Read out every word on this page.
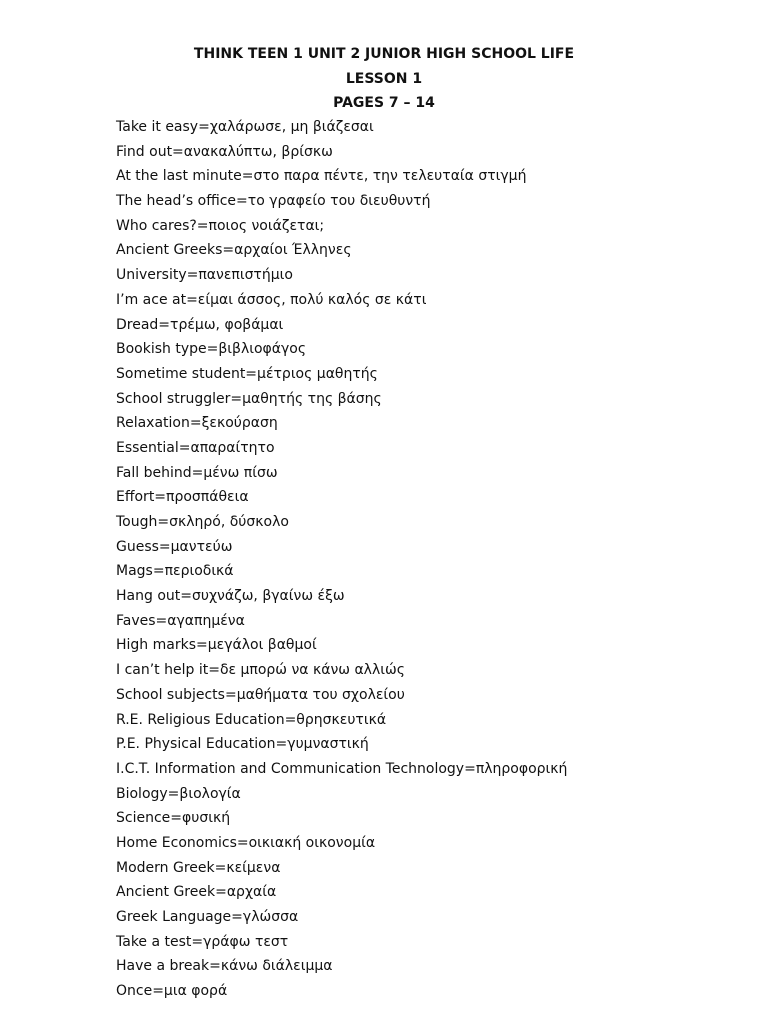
THINK TEEN 1 UNIT 2 JUNIOR HIGH SCHOOL LIFE

LESSON 1

PAGES 7 – 14

Take it easy=χαλάρωσε, μη βιάζεσαι
Find out=ανακαλύπτω, βρίσκω
At the last minute=στο παρα πέντε, την τελευταία στιγμή
The head’s office=το γραφείο του διευθυντή
Who cares?=ποιος νοιάζεται;
Ancient Greeks=αρχαίοι Έλληνες
University=πανεπιστήμιο
I’m ace at=είμαι άσσος, πολύ καλός σε κάτι
Dread=τρέμω, φοβάμαι
Bookish type=βιβλιοφάγος
Sometime student=μέτριος μαθητής
School struggler=μαθητής της βάσης
Relaxation=ξεκούραση
Essential=απαραίτητο
Fall behind=μένω πίσω
Effort=προσπάθεια
Tough=σκληρό, δύσκολο
Guess=μαντεύω
Mags=περιοδικά
Hang out=συχνάζω, βγαίνω έξω
Faves=αγαπημένα
High marks=μεγάλοι βαθμοί
I can’t help it=δε μπορώ να κάνω αλλιώς
School subjects=μαθήματα του σχολείου
R.E. Religious Education=θρησκευτικά
P.E. Physical Education=γυμναστική
I.C.T. Information and Communication Technology=πληροφορική
Biology=βιολογία
Science=φυσική
Home Economics=οικιακή οικονομία
Modern Greek=κείμενα
Ancient Greek=αρχαία
Greek Language=γλώσσα
Take a test=γράφω τεστ
Have a break=κάνω διάλειμμα
Once=μια φορά
